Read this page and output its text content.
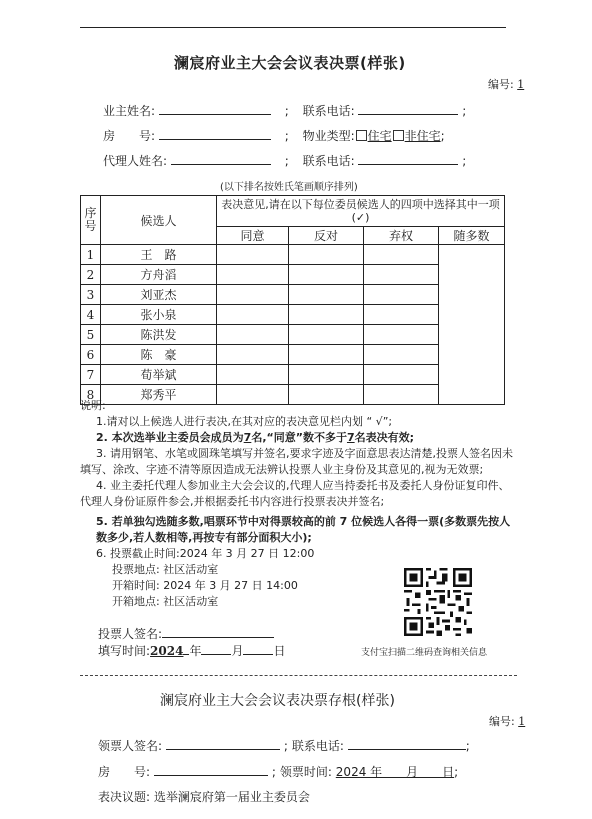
澜宸府业主大会会议表决票(样张)
编号: 1
业主姓名:	; 联系电话:	;
房　　号:	; 物业类型: 住宅 非住宅;
代理人姓名:	; 联系电话:	;
(以下排名按姓氏笔画顺序排列)
序号	候选人	表决意见,请在以下每位委员候选人的四项中选择其中一项(✓)			
		同意	反对	弃权	随多数
1	王　路				
2	方舟滔				
3	刘亚杰				
4	张小泉				
5	陈洪发				
6	陈　豪				
7	荀举斌				
8	郑秀平				

说明:

1.请对以上候选人进行表决,在其对应的表决意见栏内划 “ √”;

2. 本次选举业主委员会成员为7名,“同意”数不多于7名表决有效;

3. 请用钢笔、水笔或圆珠笔填写并签名,要求字迹及字面意思表达清楚,投票人签名因未填写、涂改、字迹不清等原因造成无法辨认投票人业主身份及其意见的,视为无效票;

4. 业主委托代理人参加业主大会会议的,代理人应当持委托书及委托人身份证复印件、代理人身份证原件参会,并根据委托书内容进行投票表决并签名;

5. 若单独勾选随多数,唱票环节中对得票较高的前 7 位候选人各得一票(多数票先按人数多少,若人数相等,再按专有部分面积大小);

6. 投票截止时间:2024 年 3 月 27 日 12:00

投票地点: 社区活动室

开箱时间: 2024 年 3 月 27 日 14:00

开箱地点: 社区活动室

投票人签名:
填写时间:2024 年	月	日	支付宝扫描二维码查询相关信息
澜宸府业主大会会议表决票存根(样张)
编号: 1
领票人签名:	; 联系电话:	;
房　　号:	; 领票时间: 2024 年　　月　　日;
表决议题: 选举澜宸府第一届业主委员会
